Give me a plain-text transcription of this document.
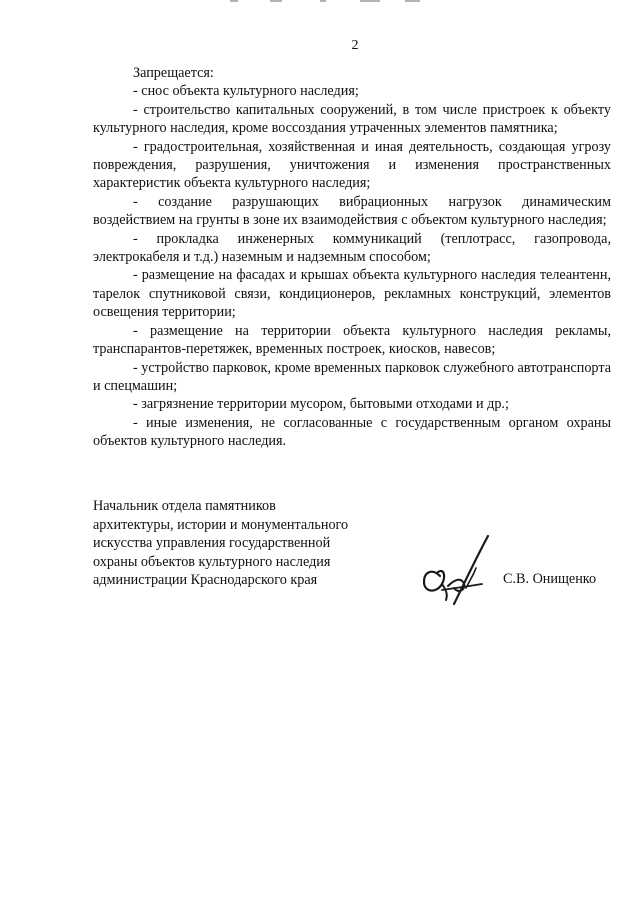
2

Запрещается:

- снос объекта культурного наследия;

- строительство капитальных сооружений, в том числе пристроек к объекту культурного наследия, кроме воссоздания утраченных элементов памятника;

- градостроительная, хозяйственная и иная деятельность, создающая угрозу повреждения, разрушения, уничтожения и изменения пространственных характеристик объекта культурного наследия;

- создание разрушающих вибрационных нагрузок динамическим воздействием на грунты в зоне их взаимодействия с объектом культурного наследия;

- прокладка инженерных коммуникаций (теплотрасс, газопровода, электрокабеля и т.д.) наземным и надземным способом;

- размещение на фасадах и крышах объекта культурного наследия телеантенн, тарелок спутниковой связи, кондиционеров, рекламных конструкций, элементов освещения территории;

- размещение на территории объекта культурного наследия рекламы, транспарантов-перетяжек, временных построек, киосков, навесов;

- устройство парковок, кроме временных парковок служебного автотранспорта и спецмашин;

- загрязнение территории мусором, бытовыми отходами и др.;

- иные изменения, не согласованные с государственным органом охраны объектов культурного наследия.

Начальник отдела памятников
архитектуры, истории и монументального
искусства управления государственной
охраны объектов культурного наследия
администрации Краснодарского края	С.В. Онищенко
